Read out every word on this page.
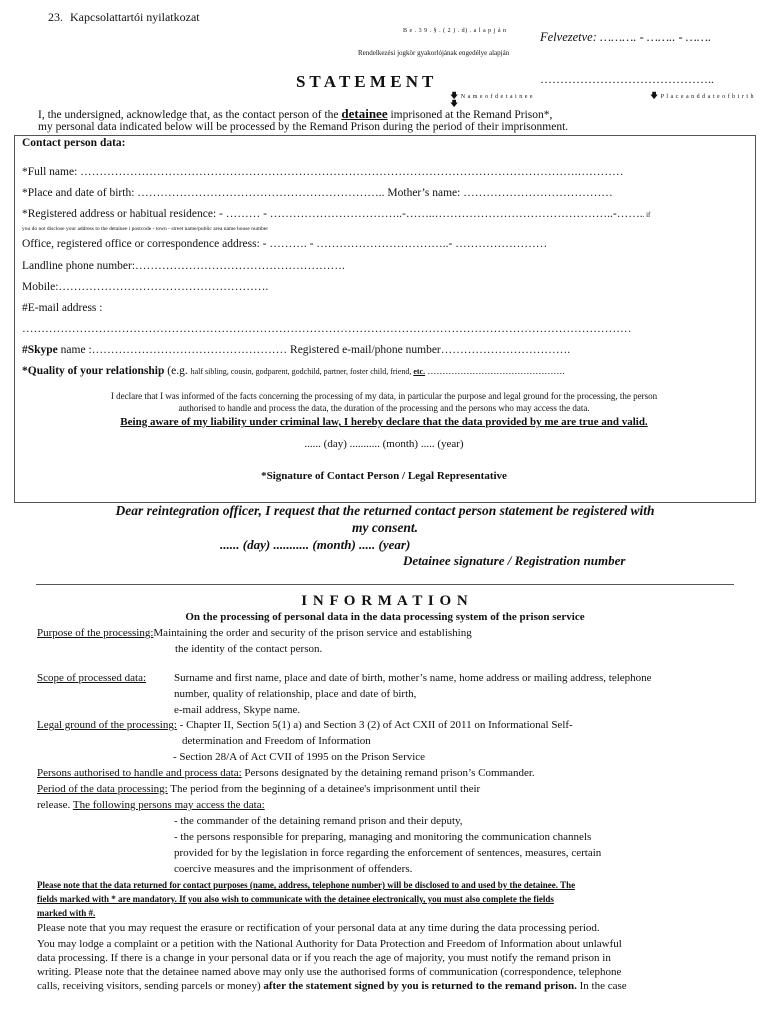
23. Kapcsolattartói nyilatkozat
B e . 3 9 . § . ( 2 ) . d) . a l a p j á n	Felvezetve: ………. - …….. - …….
Rendelkezési jogkör gyakorlójának engedélye alapján
S T A T E M E N T	……………………………………..
🡇 N a m e o f d e t a i n e e
🡇
🡇 P l a c e a n d d a t e o f b i r t h
I, the undersigned, acknowledge that, as the contact person of the detainee imprisoned at the Remand Prison*,
my personal data indicated below will be processed by the Remand Prison during the period of their imprisonment.
Contact person data:
*Full name: ………………………………………………………………………………………………………………….…………
*Place and date of birth: ……………………………………………………….. Mother’s name: …………………………………
*Registered address or habitual residence: - ……… - ……………………………..-……..………………………………………..-…….. if
you do not disclose your address to the detainee i postcode - town - street name/public area name house number
Office, registered office or correspondence address: - ………. - ……………………………..- ……………………
Landline phone number:……………………………………………….
Mobile:……………………………………………….
#E-mail address :
……………………………………………………………………………………………………………………………………………
#Skype name :…………………………………………… Registered e-mail/phone number…………………………….
*Quality of your relationship (e.g. half sibling, cousin, godparent, godchild, partner, foster child, friend, etc. ……………………………………….
I declare that I was informed of the facts concerning the processing of my data, in particular the purpose and legal ground for the processing, the person
authorised to handle and process the data, the duration of the processing and the persons who may access the data.
Being aware of my liability under criminal law, I hereby declare that the data provided by me are true and valid.
...... (day) ........... (month) ..... (year)
*Signature of Contact Person / Legal Representative
Dear reintegration officer, I request that the returned contact person statement be registered with
my consent.
...... (day) ........... (month) ..... (year)
Detainee signature / Registration number
I N F O R M A T I O N
On the processing of personal data in the data processing system of the prison service
Purpose of the processing:Maintaining the order and security of the prison service and establishing
the identity of the contact person.
Scope of processed data:	Surname and first name, place and date of birth, mother’s name, home address or mailing address, telephone
number, quality of relationship, place and date of birth,
e-mail address, Skype name.
Legal ground of the processing: - Chapter II, Section 5(1) a) and Section 3 (2) of Act CXII of 2011 on Informational Self-
determination and Freedom of Information
- Section 28/A of Act CVII of 1995 on the Prison Service
Persons authorised to handle and process data: Persons designated by the detaining remand prison’s Commander.
Period of the data processing: The period from the beginning of a detainee's imprisonment until their
release. The following persons may access the data:
- the commander of the detaining remand prison and their deputy,
- the persons responsible for preparing, managing and monitoring the communication channels
provided for by the legislation in force regarding the enforcement of sentences, measures, certain
coercive measures and the imprisonment of offenders.
Please note that the data returned for contact purposes (name, address, telephone number) will be disclosed to and used by the detainee. The
fields marked with * are mandatory. If you also wish to communicate with the detainee electronically, you must also complete the fields
marked with #.
Please note that you may request the erasure or rectification of your personal data at any time during the data processing period.
You may lodge a complaint or a petition with the National Authority for Data Protection and Freedom of Information about unlawful
data processing. If there is a change in your personal data or if you reach the age of majority, you must notify the remand prison in
writing. Please note that the detainee named above may only use the authorised forms of communication (correspondence, telephone
calls, receiving visitors, sending parcels or money) after the statement signed by you is returned to the remand prison. In the case
